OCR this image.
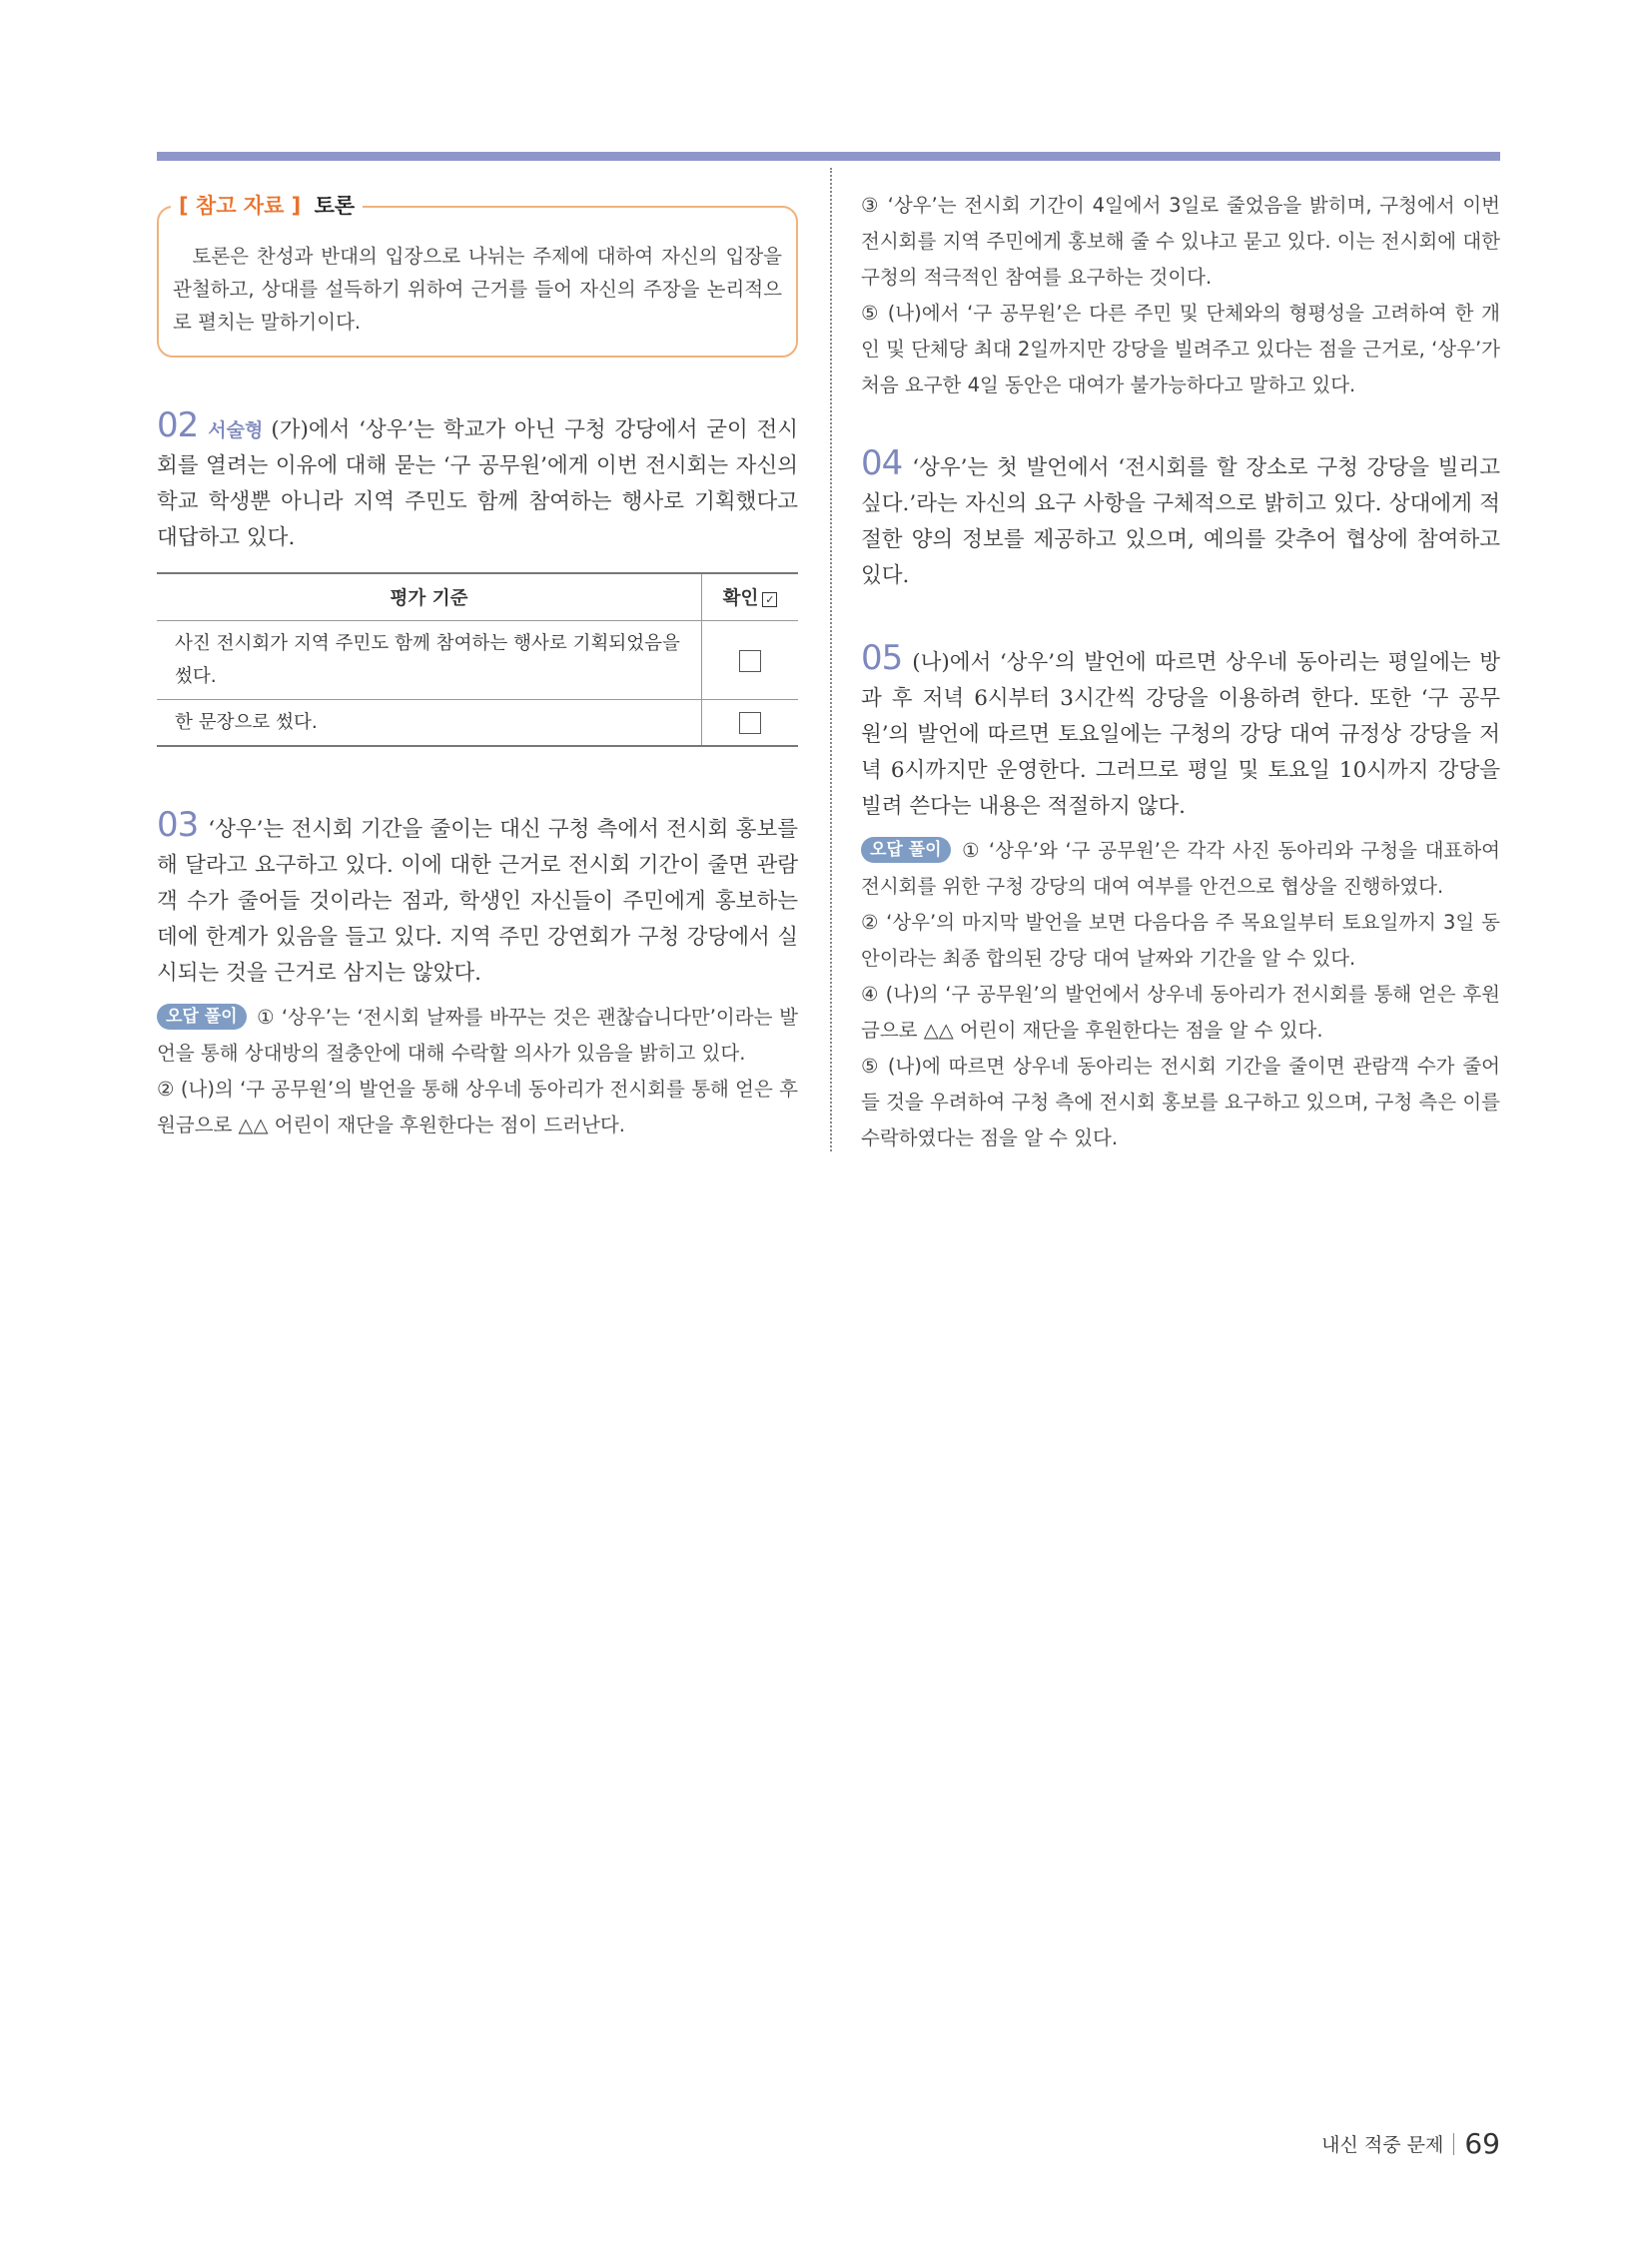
[ 참고 자료 ] 토론
토론은 찬성과 반대의 입장으로 나뉘는 주제에 대하여 자신의 입장을 관철하고, 상대를 설득하기 위하여 근거를 들어 자신의 주장을 논리적으로 펼치는 말하기이다.
02 서술형 (가)에서 ‘상우’는 학교가 아닌 구청 강당에서 굳이 전시회를 열려는 이유에 대해 묻는 ‘구 공무원’에게 이번 전시회는 자신의 학교 학생뿐 아니라 지역 주민도 함께 참여하는 행사로 기획했다고 대답하고 있다.
평가 기준	확인 ✓
사진 전시회가 지역 주민도 함께 참여하는 행사로 기획되었음을 썼다.	
한 문장으로 썼다.	
03 ‘상우’는 전시회 기간을 줄이는 대신 구청 측에서 전시회 홍보를 해 달라고 요구하고 있다. 이에 대한 근거로 전시회 기간이 줄면 관람객 수가 줄어들 것이라는 점과, 학생인 자신들이 주민에게 홍보하는 데에 한계가 있음을 들고 있다. 지역 주민 강연회가 구청 강당에서 실시되는 것을 근거로 삼지는 않았다.
오답 풀이 ① ‘상우’는 ‘전시회 날짜를 바꾸는 것은 괜찮습니다만’이라는 발언을 통해 상대방의 절충안에 대해 수락할 의사가 있음을 밝히고 있다.
② (나)의 ‘구 공무원’의 발언을 통해 상우네 동아리가 전시회를 통해 얻은 후원금으로 △△ 어린이 재단을 후원한다는 점이 드러난다.
③ ‘상우’는 전시회 기간이 4일에서 3일로 줄었음을 밝히며, 구청에서 이번 전시회를 지역 주민에게 홍보해 줄 수 있냐고 묻고 있다. 이는 전시회에 대한 구청의 적극적인 참여를 요구하는 것이다.
⑤ (나)에서 ‘구 공무원’은 다른 주민 및 단체와의 형평성을 고려하여 한 개인 및 단체당 최대 2일까지만 강당을 빌려주고 있다는 점을 근거로, ‘상우’가 처음 요구한 4일 동안은 대여가 불가능하다고 말하고 있다.
04 ‘상우’는 첫 발언에서 ‘전시회를 할 장소로 구청 강당을 빌리고 싶다.’라는 자신의 요구 사항을 구체적으로 밝히고 있다. 상대에게 적절한 양의 정보를 제공하고 있으며, 예의를 갖추어 협상에 참여하고 있다.
05 (나)에서 ‘상우’의 발언에 따르면 상우네 동아리는 평일에는 방과 후 저녁 6시부터 3시간씩 강당을 이용하려 한다. 또한 ‘구 공무원’의 발언에 따르면 토요일에는 구청의 강당 대여 규정상 강당을 저녁 6시까지만 운영한다. 그러므로 평일 및 토요일 10시까지 강당을 빌려 쓴다는 내용은 적절하지 않다.
오답 풀이 ① ‘상우’와 ‘구 공무원’은 각각 사진 동아리와 구청을 대표하여 전시회를 위한 구청 강당의 대여 여부를 안건으로 협상을 진행하였다.
② ‘상우’의 마지막 발언을 보면 다음다음 주 목요일부터 토요일까지 3일 동안이라는 최종 합의된 강당 대여 날짜와 기간을 알 수 있다.
④ (나)의 ‘구 공무원’의 발언에서 상우네 동아리가 전시회를 통해 얻은 후원금으로 △△ 어린이 재단을 후원한다는 점을 알 수 있다.
⑤ (나)에 따르면 상우네 동아리는 전시회 기간을 줄이면 관람객 수가 줄어들 것을 우려하여 구청 측에 전시회 홍보를 요구하고 있으며, 구청 측은 이를 수락하였다는 점을 알 수 있다.
내신 적중 문제 69
